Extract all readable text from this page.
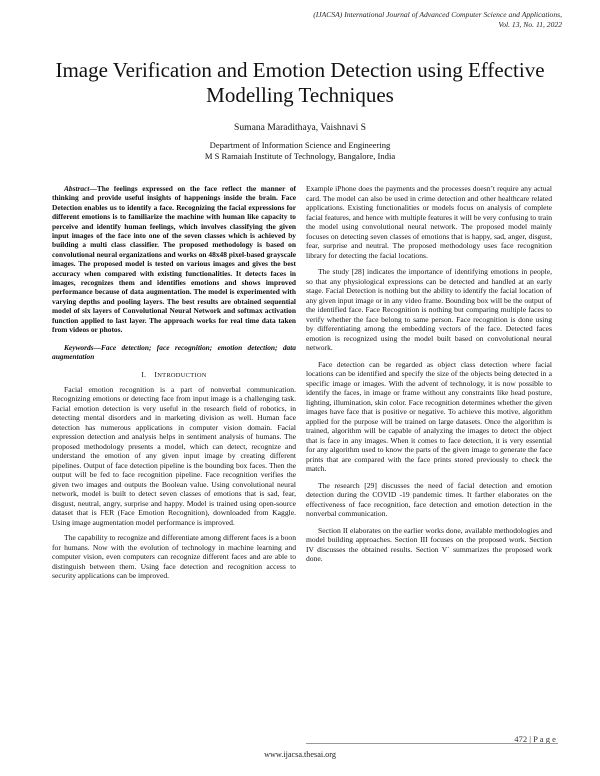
(IJACSA) International Journal of Advanced Computer Science and Applications,
Vol. 13, No. 11, 2022
Image Verification and Emotion Detection using Effective Modelling Techniques
Sumana Maradithaya, Vaishnavi S
Department of Information Science and Engineering
M S Ramaiah Institute of Technology, Bangalore, India
Abstract—The feelings expressed on the face reflect the manner of thinking and provide useful insights of happenings inside the brain. Face Detection enables us to identify a face. Recognizing the facial expressions for different emotions is to familiarize the machine with human like capacity to perceive and identify human feelings, which involves classifying the given input images of the face into one of the seven classes which is achieved by building a multi class classifier. The proposed methodology is based on convolutional neural organizations and works on 48x48 pixel-based grayscale images. The proposed model is tested on various images and gives the best accuracy when compared with existing functionalities. It detects faces in images, recognizes them and identifies emotions and shows improved performance because of data augmentation. The model is experimented with varying depths and pooling layers. The best results are obtained sequential model of six layers of Convolutional Neural Network and softmax activation function applied to last layer. The approach works for real time data taken from videos or photos.
Keywords—Face detection; face recognition; emotion detection; data augmentation
I. INTRODUCTION

Facial emotion recognition is a part of nonverbal communication. Recognizing emotions or detecting face from input image is a challenging task. Facial emotion detection is very useful in the research field of robotics, in detecting mental disorders and in marketing division as well. Human face detection has numerous applications in computer vision domain. Facial expression detection and analysis helps in sentiment analysis of humans. The proposed methodology presents a model, which can detect, recognize and understand the emotion of any given input image by creating different pipelines. Output of face detection pipeline is the bounding box faces. Then the output will be fed to face recognition pipeline. Face recognition verifies the given two images and outputs the Boolean value. Using convolutional neural network, model is built to detect seven classes of emotions that is sad, fear, disgust, neutral, angry, surprise and happy. Model is trained using open-source dataset that is FER (Face Emotion Recognition), downloaded from Kaggle. Using image augmentation model performance is improved.

The capability to recognize and differentiate among different faces is a boon for humans. Now with the evolution of technology in machine learning and computer vision, even computers can recognize different faces and are able to distinguish between them. Using face detection and recognition access to security applications can be improved.

Example iPhone does the payments and the processes doesn’t require any actual card. The model can also be used in crime detection and other healthcare related applications. Existing functionalities or models focus on analysis of complete facial features, and hence with multiple features it will be very confusing to train the model using convolutional neural network. The proposed model mainly focuses on detecting seven classes of emotions that is happy, sad, anger, disgust, fear, surprise and neutral. The proposed methodology uses face recognition library for detecting the facial locations.

The study [28] indicates the importance of identifying emotions in people, so that any physiological expressions can be detected and handled at an early stage. Facial Detection is nothing but the ability to identify the facial location of any given input image or in any video frame. Bounding box will be the output of the identified face. Face Recognition is nothing but comparing multiple faces to verify whether the face belong to same person. Face recognition is done using by differentiating among the embedding vectors of the face. Detected faces emotion is recognized using the model built based on convolutional neural network.

Face detection can be regarded as object class detection where facial locations can be identified and specify the size of the objects being detected in a specific image or images. With the advent of technology, it is now possible to identify the faces, in image or frame without any constraints like head posture, lighting, illumination, skin color. Face recognition determines whether the given images have face that is positive or negative. To achieve this motive, algorithm applied for the purpose will be trained on large datasets. Once the algorithm is trained, algorithm will be capable of analyzing the images to detect the object that is face in any images. When it comes to face detection, it is very essential for any algorithm used to know the parts of the given image to generate the face prints that are compared with the face prints stored previously to check the match.

The research [29] discusses the need of facial detection and emotion detection during the COVID -19 pandemic times. It farther elaborates on the effectiveness of face recognition, face detection and emotion detection in the nonverbal communication.

Section II elaborates on the earlier works done, available methodologies and model building approaches. Section III focuses on the proposed work. Section IV discusses the obtained results. Section V` summarizes the proposed work done.

472 | P a g e
www.ijacsa.thesai.org
